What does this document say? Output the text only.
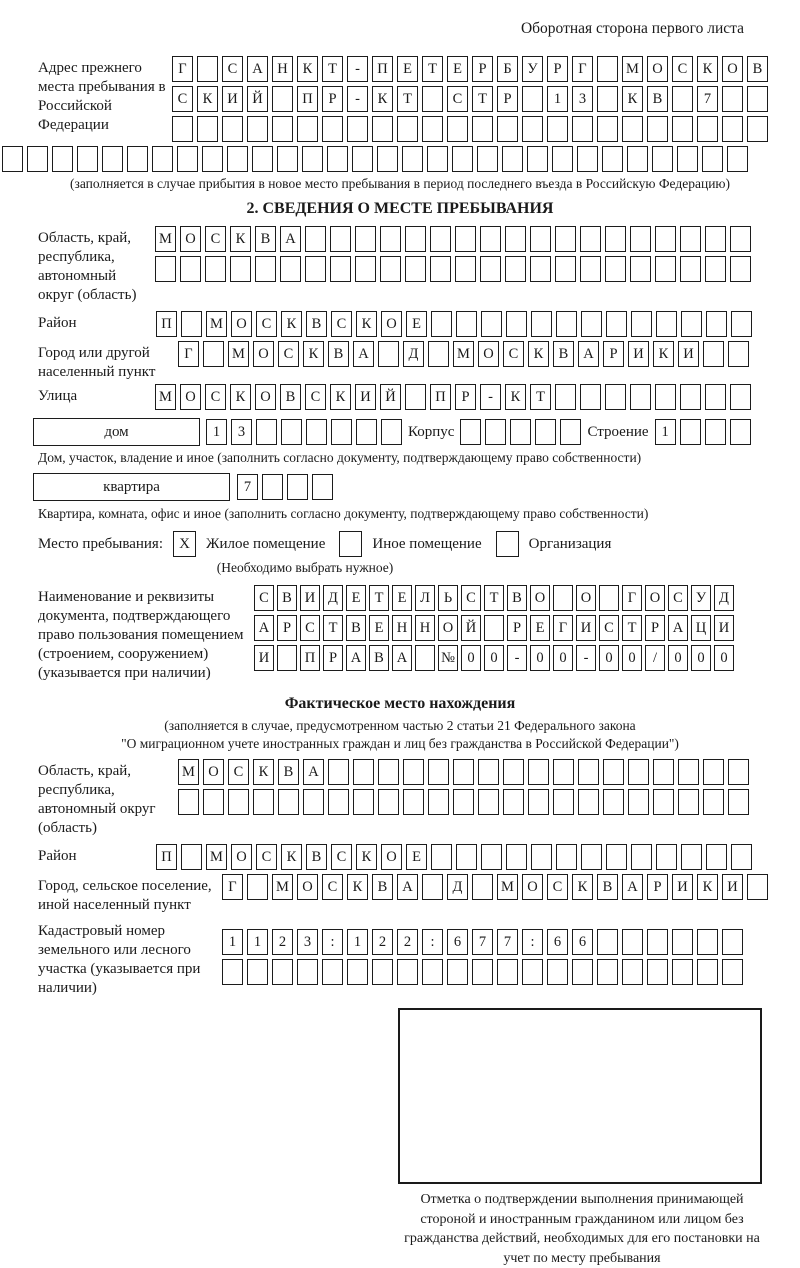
Оборотная сторона первого листа
Адрес прежнего места пребывания в Российской Федерации
Г	С	А	Н	К	Т	-	П	Е	Т	Е	Р	Б	У	Р	Г	М О	С	К	О	В
С	К	И	Й	П	Р	-	К	Т	С	Т	Р	1	3	К	В	7
(заполняется в случае прибытия в новое место пребывания в период последнего въезда в Российскую Федерацию)
2. СВЕДЕНИЯ О МЕСТЕ ПРЕБЫВАНИЯ
Область, край, республика, автономный округ (область)
М О	С	К	В	А
Район	П	М О	С	К	В	С	К	О	Е
Город или другой населенный пункт
Г	М О	С	К	В	А	Д	М О	С	К	В	А	Р	И	К	И
Улица	М О	С	К	О	В	С	К	И	Й	П	Р	-	К	Т
дом	1	3	Корпус	Строение 1
Дом, участок, владение и иное (заполнить согласно документу, подтверждающему право собственности)
квартира	7
Квартира, комната, офис и иное (заполнить согласно документу, подтверждающему право собственности)
Место пребывания:	X	Жилое помещение	Иное помещение	Организация
(Необходимо выбрать нужное)
Наименование и реквизиты документа, подтверждающего право пользования помещением (строением, сооружением) (указывается при наличии)
С В И Д Е Т Е Л Ь С Т В О	О	Г О С У Д
А Р С Т В Е Н Н О Й	Р	Е Г И С Т	Р А Ц И
И	П Р А В А	№ 0	0	-	0	0	-	0	0	/	0	0	0
Фактическое место нахождения
(заполняется в случае, предусмотренном частью 2 статьи 21 Федерального закона
"О миграционном учете иностранных граждан и лиц без гражданства в Российской Федерации")
Область, край, республика, автономный округ (область)
М О	С	К	В	А
Район	П	М О	С	К	В	С	К	О	Е
Город, сельское поселение, иной населенный пункт
Г	М О	С	К	В	А	Д	М О	С	К	В	А	Р	И	К	И
Кадастровый номер земельного или лесного участка (указывается при наличии)
1	1	2	3	:	1	2	2	:	6	7	7	:	6	6
Отметка о подтверждении выполнения принимающей стороной и иностранным гражданином или лицом без гражданства действий, необходимых для его постановки на учет по месту пребывания
